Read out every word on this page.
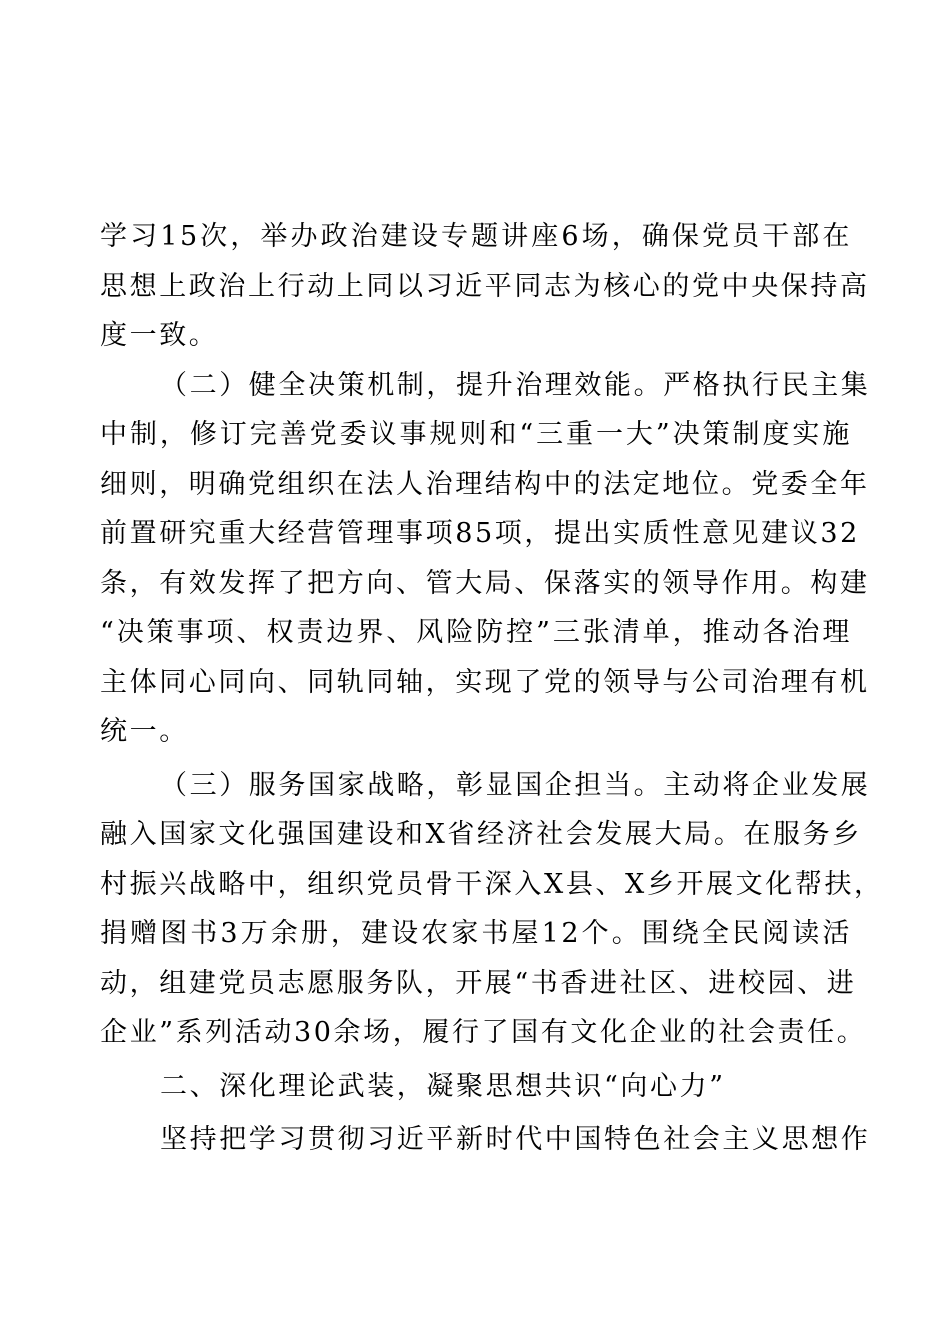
学习15次，举办政治建设专题讲座6场，确保党员干部在
思想上政治上行动上同以习近平同志为核心的党中央保持高
度一致。
（二）健全决策机制，提升治理效能。严格执行民主集
中制，修订完善党委议事规则和“三重一大”决策制度实施
细则，明确党组织在法人治理结构中的法定地位。党委全年
前置研究重大经营管理事项85项，提出实质性意见建议32
条，有效发挥了把方向、管大局、保落实的领导作用。构建
“决策事项、权责边界、风险防控”三张清单，推动各治理
主体同心同向、同轨同轴，实现了党的领导与公司治理有机
统一。
（三）服务国家战略，彰显国企担当。主动将企业发展
融入国家文化强国建设和X省经济社会发展大局。在服务乡
村振兴战略中，组织党员骨干深入X县、X乡开展文化帮扶，
捐赠图书3万余册，建设农家书屋12个。围绕全民阅读活
动，组建党员志愿服务队，开展“书香进社区、进校园、进
企业”系列活动30余场，履行了国有文化企业的社会责任。
二、深化理论武装，凝聚思想共识“向心力”
坚持把学习贯彻习近平新时代中国特色社会主义思想作
